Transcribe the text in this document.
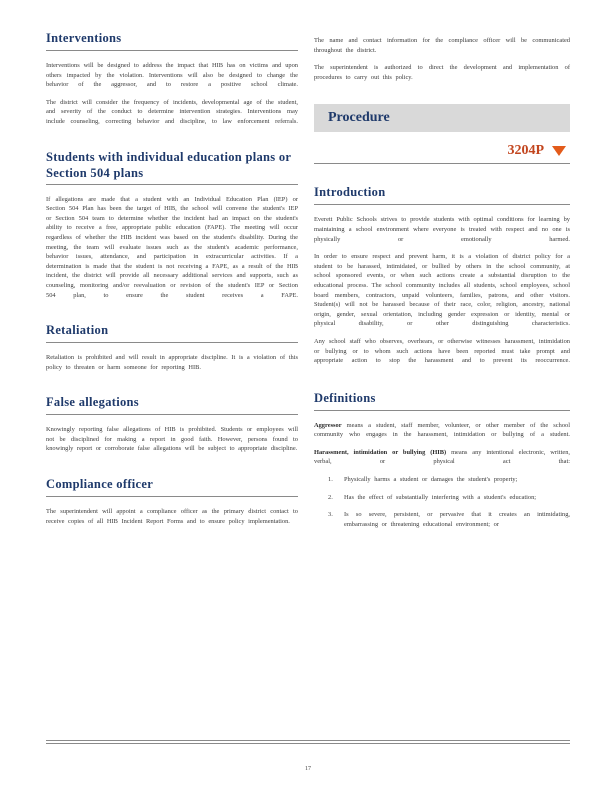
Interventions

Interventions will be designed to address the impact that HIB has on victims and upon others impacted by the violation. Interventions will also be designed to change the behavior of the aggressor, and to restore a positive school climate.

The district will consider the frequency of incidents, developmental age of the student, and severity of the conduct to determine intervention strategies. Interventions may include counseling, correcting behavior and discipline, to law enforcement referrals.

Students with individual education plans or Section 504 plans

If allegations are made that a student with an Individual Education Plan (IEP) or Section 504 Plan has been the target of HIB, the school will convene the student's IEP or Section 504 team to determine whether the incident had an impact on the student's ability to receive a free, appropriate public education (FAPE). The meeting will occur regardless of whether the HIB incident was based on the student's disability. During the meeting, the team will evaluate issues such as the student's academic performance, behavior issues, attendance, and participation in extracurricular activities. If a determination is made that the student is not receiving a FAPE, as a result of the HIB incident, the district will provide all necessary additional services and supports, such as counseling, monitoring and/or reevaluation or revision of the student's IEP or Section 504 plan, to ensure the student receives a FAPE.

Retaliation

Retaliation is prohibited and will result in appropriate discipline. It is a violation of this policy to threaten or harm someone for reporting HIB.

False allegations

Knowingly reporting false allegations of HIB is prohibited. Students or employees will not be disciplined for making a report in good faith. However, persons found to knowingly report or corroborate false allegations will be subject to appropriate discipline.

Compliance officer

The superintendent will appoint a compliance officer as the primary district contact to receive copies of all HIB Incident Report Forms and to ensure policy implementation.

The name and contact information for the compliance officer will be communicated throughout the district.

The superintendent is authorized to direct the development and implementation of procedures to carry out this policy.

Procedure
3204P
Introduction

Everett Public Schools strives to provide students with optimal conditions for learning by maintaining a school environment where everyone is treated with respect and no one is physically or emotionally harmed.

In order to ensure respect and prevent harm, it is a violation of district policy for a student to be harassed, intimidated, or bullied by others in the school community, at school sponsored events, or when such actions create a substantial disruption to the educational process. The school community includes all students, school employees, school board members, contractors, unpaid volunteers, families, patrons, and other visitors. Student(s) will not be harassed because of their race, color, religion, ancestry, national origin, gender, sexual orientation, including gender expression or identity, mental or physical disability, or other distinguishing characteristics.

Any school staff who observes, overhears, or otherwise witnesses harassment, intimidation or bullying or to whom such actions have been reported must take prompt and appropriate action to stop the harassment and to prevent its reoccurrence.

Definitions

Aggressor means a student, staff member, volunteer, or other member of the school community who engages in the harassment, intimidation or bullying of a student.

Harassment, intimidation or bullying (HIB) means any intentional electronic, written, verbal, or physical act that:

1.	Physically harms a student or damages the student's property;

2.	Has the effect of substantially interfering with a student's education;

3.	Is so severe, persistent, or pervasive that it creates an intimidating, embarrassing or threatening educational environment; or

17
